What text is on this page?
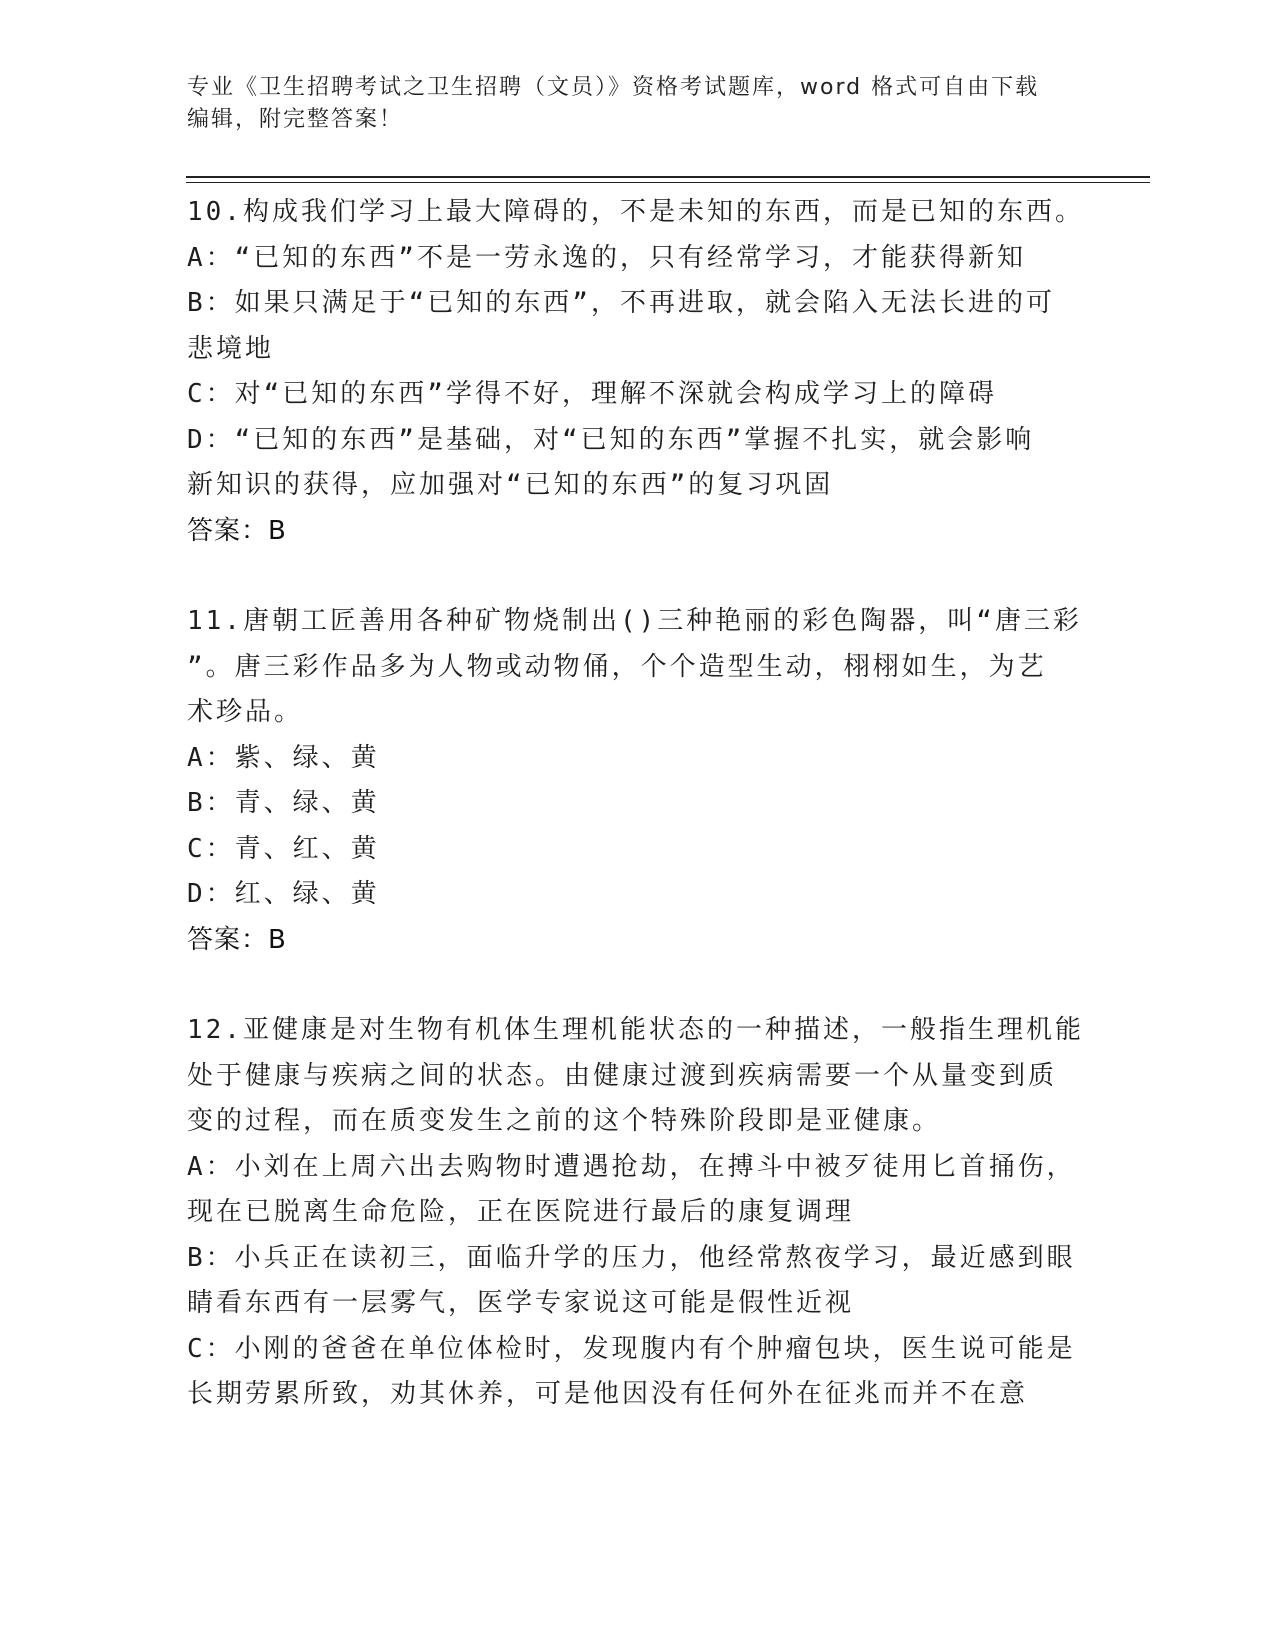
专业《卫生招聘考试之卫生招聘（文员）》资格考试题库，word 格式可自由下载
编辑，附完整答案！
10.构成我们学习上最大障碍的，不是未知的东西，而是已知的东西。
A：“已知的东西”不是一劳永逸的，只有经常学习，才能获得新知
B：如果只满足于“已知的东西”，不再进取，就会陷入无法长进的可
悲境地
C：对“已知的东西”学得不好，理解不深就会构成学习上的障碍
D：“已知的东西”是基础，对“已知的东西”掌握不扎实，就会影响
新知识的获得，应加强对“已知的东西”的复习巩固
答案：B
11.唐朝工匠善用各种矿物烧制出()三种艳丽的彩色陶器，叫“唐三彩
”。唐三彩作品多为人物或动物俑，个个造型生动，栩栩如生，为艺
术珍品。
A：紫、绿、黄
B：青、绿、黄
C：青、红、黄
D：红、绿、黄
答案：B
12.亚健康是对生物有机体生理机能状态的一种描述，一般指生理机能
处于健康与疾病之间的状态。由健康过渡到疾病需要一个从量变到质
变的过程，而在质变发生之前的这个特殊阶段即是亚健康。
A：小刘在上周六出去购物时遭遇抢劫，在搏斗中被歹徒用匕首捅伤，
现在已脱离生命危险，正在医院进行最后的康复调理
B：小兵正在读初三，面临升学的压力，他经常熬夜学习，最近感到眼
睛看东西有一层雾气，医学专家说这可能是假性近视
C：小刚的爸爸在单位体检时，发现腹内有个肿瘤包块，医生说可能是
长期劳累所致，劝其休养，可是他因没有任何外在征兆而并不在意
